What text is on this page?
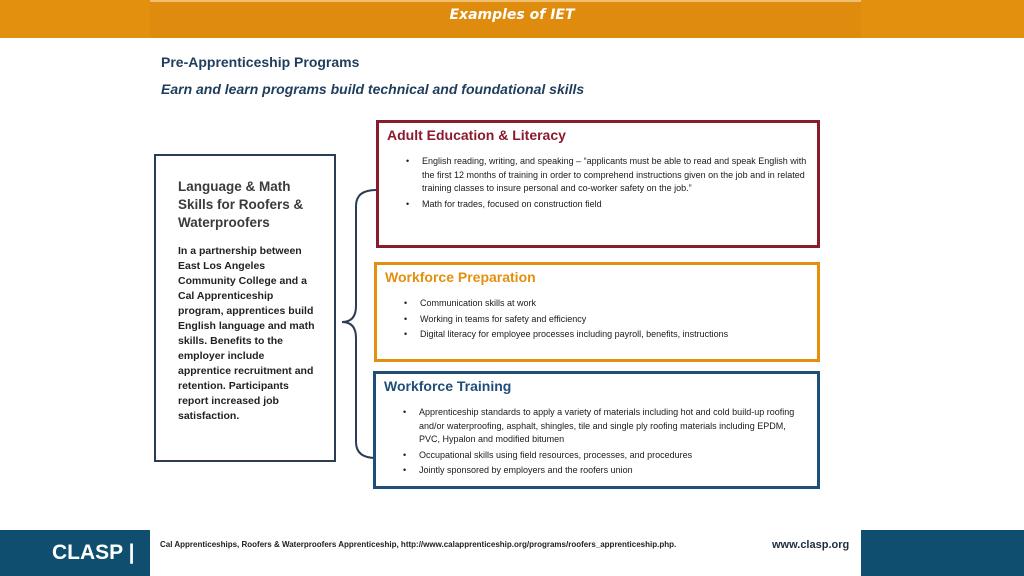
Examples of IET
Pre-Apprenticeship Programs
Earn and learn programs build technical and foundational skills

Language & Math Skills for Roofers & Waterproofers

In a partnership between East Los Angeles Community College and a Cal Apprenticeship program, apprentices build English language and math skills. Benefits to the employer include apprentice recruitment and retention. Participants report increased job satisfaction.
Adult Education & Literacy
• English reading, writing, and speaking – “applicants must be able to read and speak English with the first 12 months of training in order to comprehend instructions given on the job and in related training classes to insure personal and co-worker safety on the job.”
• Math for trades, focused on construction field
Workforce Preparation
• Communication skills at work
• Working in teams for safety and efficiency
• Digital literacy for employee processes including payroll, benefits, instructions
Workforce Training
• Apprenticeship standards to apply a variety of materials including hot and cold build-up roofing and/or waterproofing, asphalt, shingles, tile and single ply roofing materials including EPDM, PVC, Hypalon and modified bitumen
• Occupational skills using field resources, processes, and procedures
• Jointly sponsored by employers and the roofers union
CLASP |	Cal Apprenticeships, Roofers & Waterproofers Apprenticeship, http://www.calapprenticeship.org/programs/roofers_apprenticeship.php.	www.clasp.org
